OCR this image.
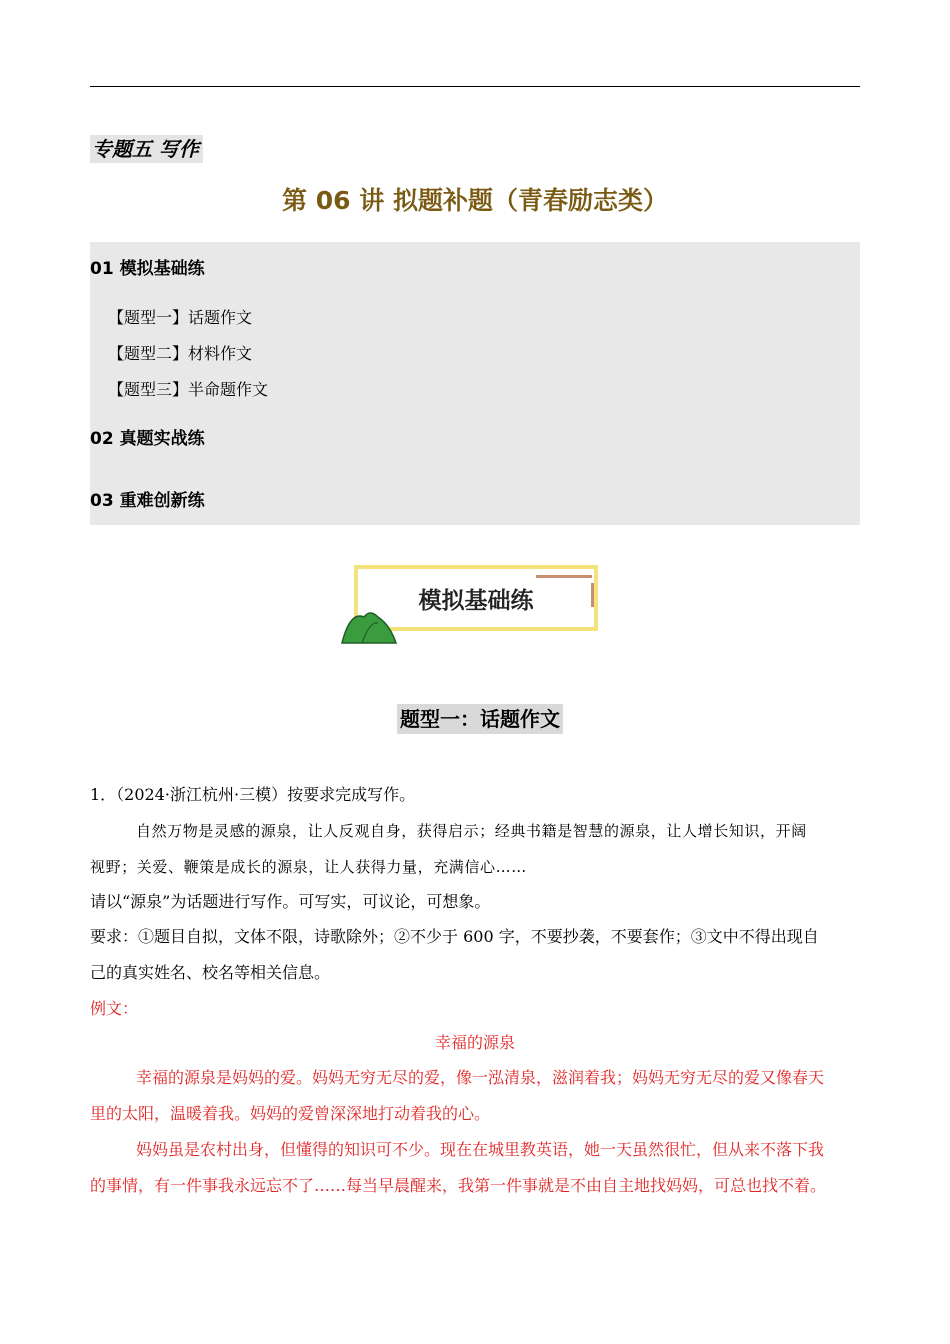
专题五 写作
第 06 讲 拟题补题（青春励志类）
01 模拟基础练
【题型一】话题作文
【题型二】材料作文
【题型三】半命题作文
02 真题实战练
03 重难创新练
模拟基础练
题型一：话题作文
1．（2024·浙江杭州·三模）按要求完成写作。
自然万物是灵感的源泉，让人反观自身，获得启示；经典书籍是智慧的源泉，让人增长知识，开阔
视野；关爱、鞭策是成长的源泉，让人获得力量，充满信心……
请以“源泉”为话题进行写作。可写实，可议论，可想象。
要求：①题目自拟，文体不限，诗歌除外；②不少于 600 字，不要抄袭，不要套作；③文中不得出现自
己的真实姓名、校名等相关信息。
例文：
幸福的源泉
幸福的源泉是妈妈的爱。妈妈无穷无尽的爱，像一泓清泉，滋润着我；妈妈无穷无尽的爱又像春天
里的太阳，温暖着我。妈妈的爱曾深深地打动着我的心。
妈妈虽是农村出身，但懂得的知识可不少。现在在城里教英语，她一天虽然很忙，但从来不落下我
的事情，有一件事我永远忘不了……每当早晨醒来，我第一件事就是不由自主地找妈妈，可总也找不着。
